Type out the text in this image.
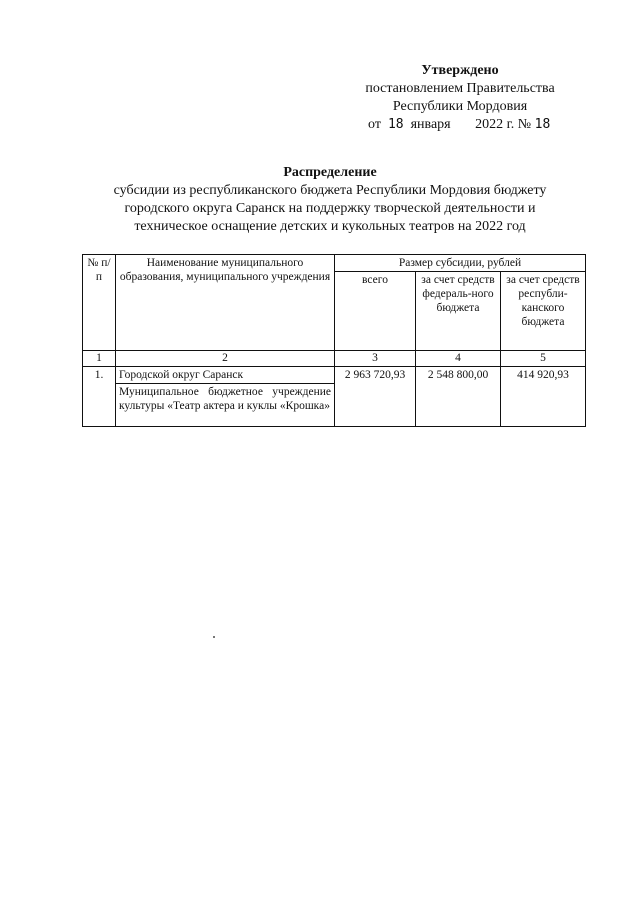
Утверждено
постановлением Правительства
Республики Мордовия
от 18 января 2022 г. № 18
Распределение
субсидии из республиканского бюджета Республики Мордовия бюджету
городского округа Саранск на поддержку творческой деятельности и
техническое оснащение детских и кукольных театров на 2022 год
№ п/п	Наименование муниципального образования, муниципального учреждения	Размер субсидии, рублей		
		всего	за счет средств федераль-ного бюджета	за счет средств республи-канского бюджета
1	2	3	4	5
1.	Городской округ Саранск	2 963 720,93	2 548 800,00	414 920,93
	Муниципальное бюджетное учреждение культуры «Театр актера и куклы «Крошка»			
